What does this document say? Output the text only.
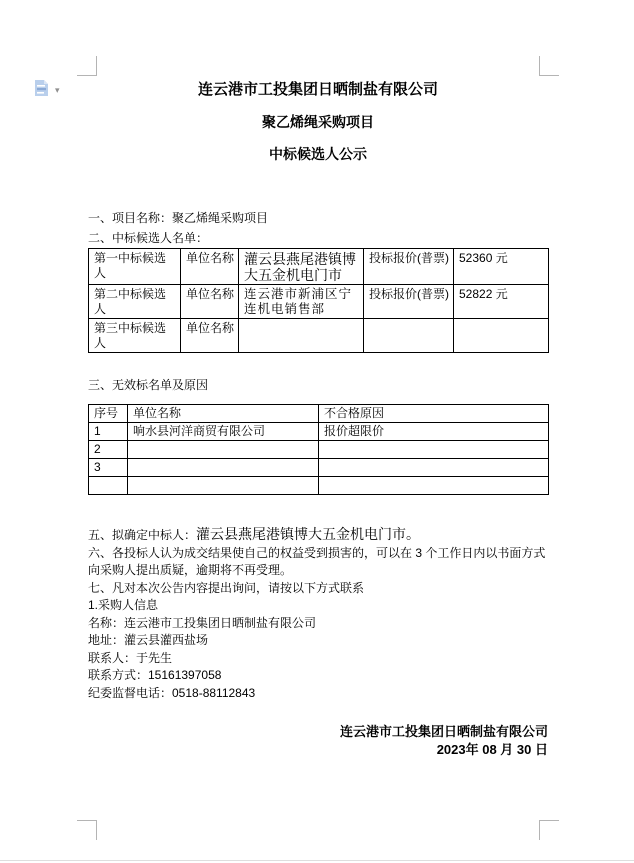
▾	连云港市工投集团日晒制盐有限公司

聚乙烯绳采购项目

中标候选人公示

一、项目名称：聚乙烯绳采购项目

二、中标候选人名单：

第一中标候选人	单位名称	灌云县燕尾港镇博大五金机电门市	投标报价(普票)	52360 元
第二中标候选人	单位名称	连云港市新浦区宁连机电销售部	投标报价(普票)	52822 元
第三中标候选人	单位名称			

三、无效标名单及原因

序号	单位名称	不合格原因
1	响水县河洋商贸有限公司	报价超限价
2		
3		

五、拟确定中标人：灌云县燕尾港镇博大五金机电门市。

六、各投标人认为成交结果使自己的权益受到损害的，可以在 3 个工作日内以书面方式向采购人提出质疑，逾期将不再受理。

七、凡对本次公告内容提出询问，请按以下方式联系

1.采购人信息

名称：连云港市工投集团日晒制盐有限公司

地址：灌云县灌西盐场

联系人：于先生

联系方式：15161397058

纪委监督电话：0518-88112843

连云港市工投集团日晒制盐有限公司
2023年 08 月 30 日
